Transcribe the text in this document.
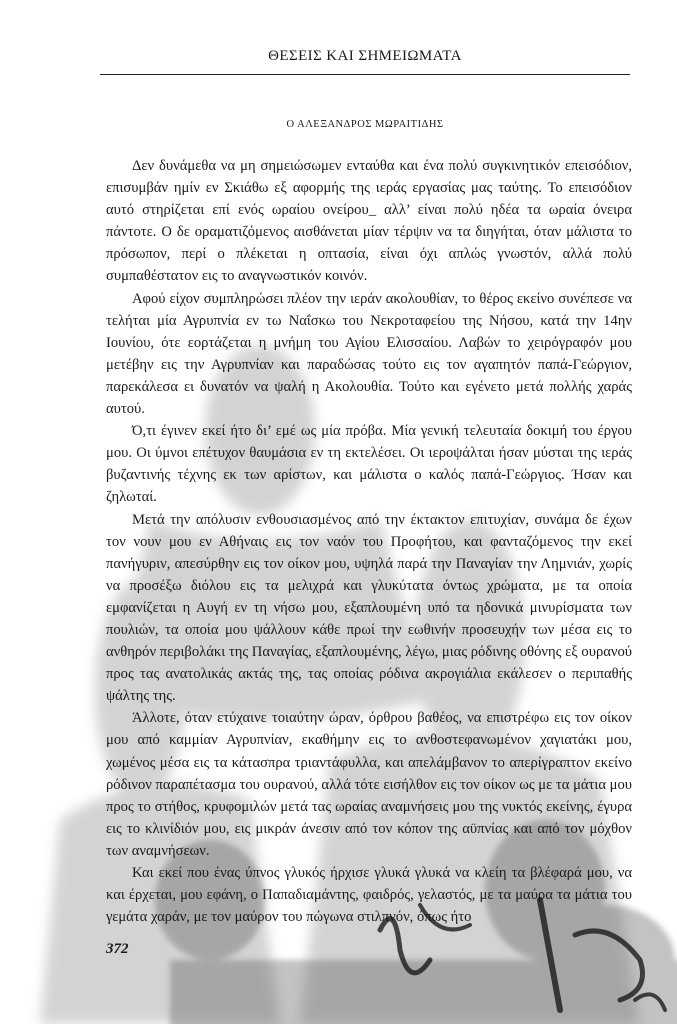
ΘΕΣΕΙΣ ΚΑΙ ΣΗΜΕΙΩΜΑΤΑ
Ο ΑΛΕΞΑΝΔΡΟΣ ΜΩΡΑΙΤΙΔΗΣ

Δεν δυνάμεθα να μη σημειώσωμεν ενταύθα και ένα πολύ συγκινητικόν επεισόδιον, επισυμβάν ημίν εν Σκιάθω εξ αφορμής της ιεράς εργασίας μας ταύτης. Το επεισόδιον αυτό στηρίζεται επί ενός ωραίου ονείρου_ αλλ’ είναι πολύ ηδέα τα ωραία όνειρα πάντοτε. Ο δε οραματιζόμενος αισθάνεται μίαν τέρψιν να τα διηγήται, όταν μάλιστα το πρόσωπον, περί ο πλέκεται η οπτασία, είναι όχι απλώς γνωστόν, αλλά πολύ συμπαθέστατον εις το αναγνωστικόν κοινόν.

Αφού είχον συμπληρώσει πλέον την ιεράν ακολουθίαν, το θέρος εκείνο συνέπεσε να τελήται μία Αγρυπνία εν τω Ναΐσκω του Νεκροταφείου της Νήσου, κατά την 14ην Ιουνίου, ότε εορτάζεται η μνήμη του Αγίου Ελισσαίου. Λαβών το χειρόγραφόν μου μετέβην εις την Αγρυπνίαν και παραδώσας τούτο εις τον αγαπητόν παπά-Γεώργιον, παρεκάλεσα ει δυνατόν να ψαλή η Ακολουθία. Τούτο και εγένετο μετά πολλής χαράς αυτού.

Ό,τι έγινεν εκεί ήτο δι’ εμέ ως μία πρόβα. Μία γενική τελευταία δοκιμή του έργου μου. Οι ύμνοι επέτυχον θαυμάσια εν τη εκτελέσει. Οι ιεροψάλται ήσαν μύσται της ιεράς βυζαντινής τέχνης εκ των αρίστων, και μάλιστα ο καλός παπά-Γεώργιος. Ήσαν και ζηλωταί.

Μετά την απόλυσιν ενθουσιασμένος από την έκτακτον επιτυχίαν, συνάμα δε έχων τον νουν μου εν Αθήναις εις τον ναόν του Προφήτου, και φανταζόμενος την εκεί πανήγυριν, απεσύρθην εις τον οίκον μου, υψηλά παρά την Παναγίαν την Λημνιάν, χωρίς να προσέξω διόλου εις τα μελιχρά και γλυκύτατα όντως χρώματα, με τα οποία εμφανίζεται η Αυγή εν τη νήσω μου, εξαπλουμένη υπό τα ηδονικά μινυρίσματα των πουλιών, τα οποία μου ψάλλουν κάθε πρωί την εωθινήν προσευχήν των μέσα εις το ανθηρόν περιβολάκι της Παναγίας, εξαπλουμένης, λέγω, μιας ρόδινης οθόνης εξ ουρανού προς τας ανατολικάς ακτάς της, τας οποίας ρόδινα ακρογιάλια εκάλεσεν ο περιπαθής ψάλτης της.

Άλλοτε, όταν ετύχαινε τοιαύτην ώραν, όρθρου βαθέος, να επιστρέφω εις τον οίκον μου από καμμίαν Αγρυπνίαν, εκαθήμην εις το ανθοστεφανωμένον χαγιατάκι μου, χωμένος μέσα εις τα κάτασπρα τριαντάφυλλα, και απελάμβανον το απερίγραπτον εκείνο ρόδινον παραπέτασμα του ουρανού, αλλά τότε εισήλθον εις τον οίκον ως με τα μάτια μου προς το στήθος, κρυφομιλών μετά τας ωραίας αναμνήσεις μου της νυκτός εκείνης, έγυρα εις το κλινίδιόν μου, εις μικράν άνεσιν από τον κόπον της αϋπνίας και από τον μόχθον των αναμνήσεων.

Και εκεί που ένας ύπνος γλυκός ήρχισε γλυκά γλυκά να κλείη τα βλέφαρά μου, να και έρχεται, μου εφάνη, ο Παπαδιαμάντης, φαιδρός, γελαστός, με τα μαύρα τα μάτια του γεμάτα χαράν, με τον μαύρον του πώγωνα στιλπνόν, όπως ήτο

372
